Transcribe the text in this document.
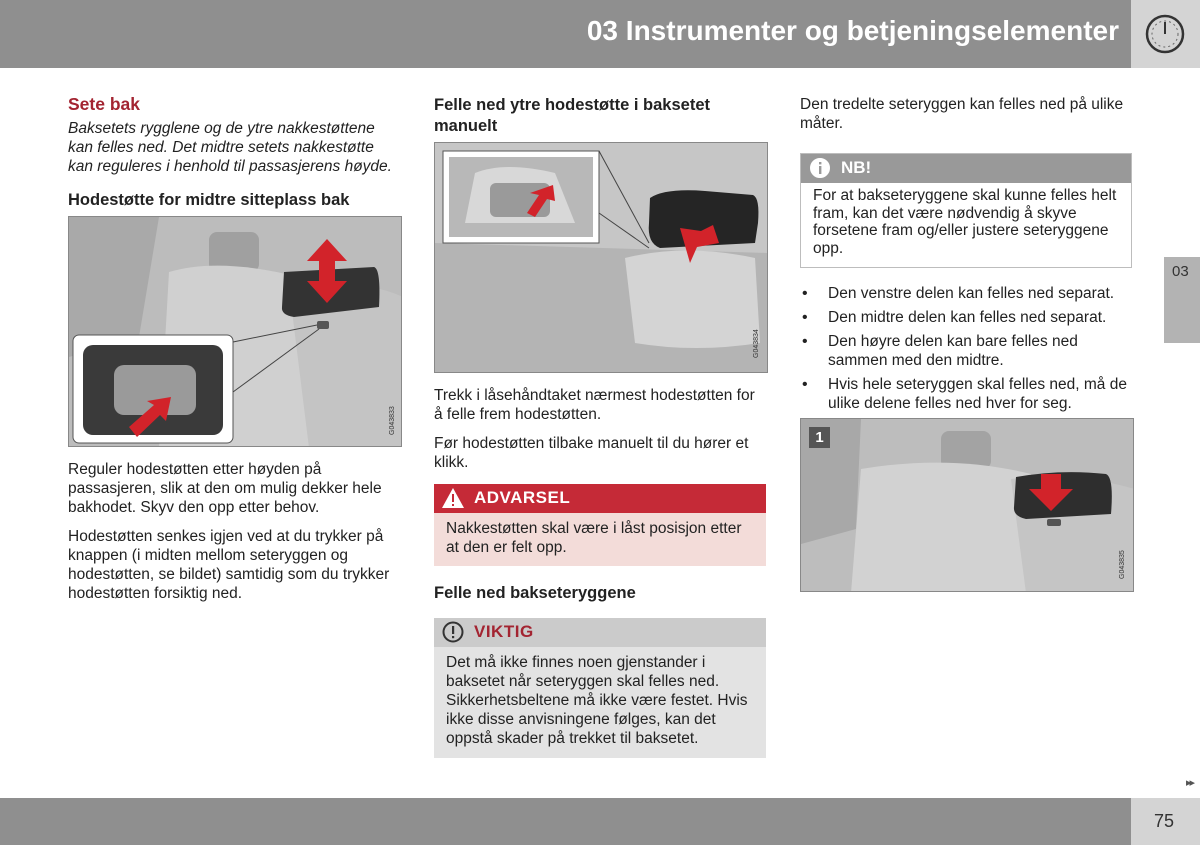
03 Instrumenter og betjeningselementer
03
Sete bak
Baksetets rygglene og de ytre nakkestøttene kan felles ned. Det midtre setets nakkestøtte kan reguleres i henhold til passasjerens høyde.
Hodestøtte for midtre sitteplass bak
G043833

Reguler hodestøtten etter høyden på passasjeren, slik at den om mulig dekker hele bakhodet. Skyv den opp etter behov.

Hodestøtten senkes igjen ved at du trykker på knappen (i midten mellom seteryggen og hodestøtten, se bildet) samtidig som du trykker hodestøtten forsiktig ned.

Felle ned ytre hodestøtte i baksetet manuelt
G043834

Trekk i låsehåndtaket nærmest hodestøtten for å felle frem hodestøtten.

Før hodestøtten tilbake manuelt til du hører et klikk.

ADVARSEL
Nakkestøtten skal være i låst posisjon etter at den er felt opp.
Felle ned bakseteryggene
VIKTIG
Det må ikke finnes noen gjenstander i baksetet når seteryggen skal felles ned. Sikkerhetsbeltene må ikke være festet. Hvis ikke disse anvisningene følges, kan det oppstå skader på trekket til baksetet.

Den tredelte seteryggen kan felles ned på ulike måter.

NB!
For at bakseteryggene skal kunne felles helt fram, kan det være nødvendig å skyve forsetene fram og/eller justere seteryggene opp.
• Den venstre delen kan felles ned separat.
• Den midtre delen kan felles ned separat.
• Den høyre delen kan bare felles ned sammen med den midtre.
• Hvis hele seteryggen skal felles ned, må de ulike delene felles ned hver for seg.
1
G043835
75
▸▸
